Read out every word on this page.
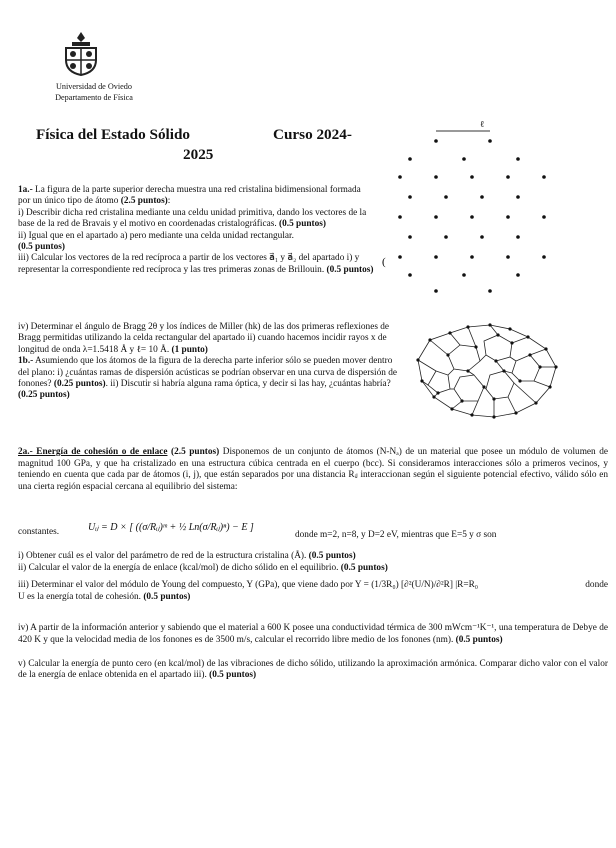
Universidad de Oviedo
Departamento de Física
Física del Estado Sólido	Curso 2024-
2025
ℓ
(

1a.- La figura de la parte superior derecha muestra una red cristalina bidimensional formada por un único tipo de átomo (2.5 puntos):

i) Describir dicha red cristalina mediante una celdu unidad primitiva, dando los vectores de la base de la red de Bravais y el motivo en coordenadas cristalográficas. (0.5 puntos)

ii) Igual que en el apartado a) pero mediante una celda unidad rectangular.
(0.5 puntos)

iii) Calcular los vectores de la red recíproca a partir de los vectores a⃗₁ y a⃗₂ del apartado i) y representar la correspondiente red recíproca y las tres primeras zonas de Brillouin. (0.5 puntos)

iv) Determinar el ángulo de Bragg 2θ y los índices de Miller (hk) de las dos primeras reflexiones de Bragg permitidas utilizando la celda rectangular del apartado ii) cuando hacemos incidir rayos x de longitud de onda λ=1.5418 Å y ℓ= 10 Å. (1 punto)

1b.- Asumiendo que los átomos de la figura de la derecha parte inferior sólo se pueden mover dentro del plano: i) ¿cuántas ramas de dispersión acústicas se podrían observar en una curva de dispersión de fonones? (0.25 puntos). ii) Discutir si habría alguna rama óptica, y decir si las hay, ¿cuántas habría? (0.25 puntos)

2a.- Energía de cohesión o de enlace (2.5 puntos) Disponemos de un conjunto de átomos (N-Nₐ) de un material que posee un módulo de volumen de magnitud 100 GPa, y que ha cristalizado en una estructura cúbica centrada en el cuerpo (bcc). Si consideramos interacciones sólo a primeros vecinos, y teniendo en cuenta que cada par de átomos (i, j), que están separados por una distancia Rᵢⱼ interaccionan según el siguiente potencial efectivo, válido sólo en una cierta región espacial cercana al equilibrio del sistema:

constantes.

i) Obtener cuál es el valor del parámetro de red de la estructura cristalina (Å). (0.5 puntos)

ii) Calcular el valor de la energía de enlace (kcal/mol) de dicho sólido en el equilibrio. (0.5 puntos)

iii) Determinar el valor del módulo de Young del compuesto, Y (GPa), que viene dado por Y = (1/3R₀) [∂²(U/N)/∂²R] |R=R₀	donde

U es la energía total de cohesión. (0.5 puntos)

iv) A partir de la información anterior y sabiendo que el material a 600 K posee una conductividad térmica de 300 mWcm⁻¹K⁻¹, una temperatura de Debye de 420 K y que la velocidad media de los fonones es de 3500 m/s, calcular el recorrido libre medio de los fonones (nm). (0.5 puntos)

v) Calcular la energía de punto cero (en kcal/mol) de las vibraciones de dicho sólido, utilizando la aproximación armónica. Comparar dicho valor con el valor de la energía de enlace obtenida en el apartado iii). (0.5 puntos)

Uᵢⱼ = D × [ ((σ/Rᵢⱼ)ᵐ + ½ Ln(σ/Rᵢⱼ)ⁿ) − E ]
donde m=2, n=8, y D=2 eV, mientras que E=5 y σ son
